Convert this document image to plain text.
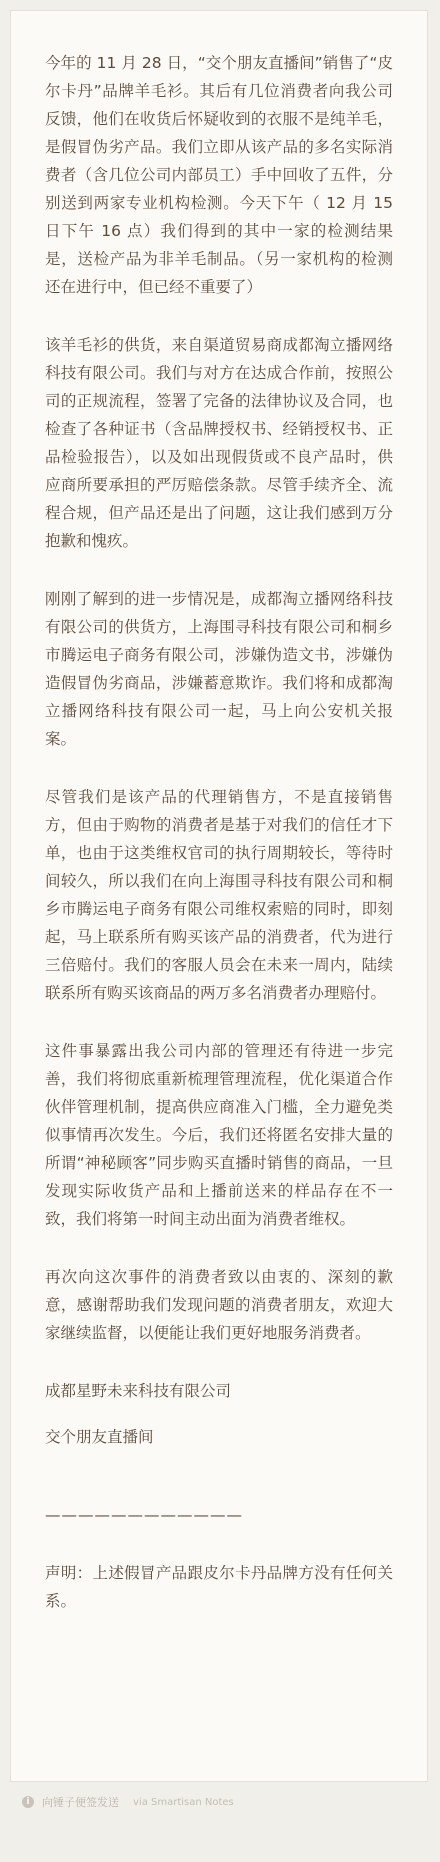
今年的 11 月 28 日，“交个朋友直播间”销售了“皮尔卡丹”品牌羊毛衫。其后有几位消费者向我公司反馈，他们在收货后怀疑收到的衣服不是纯羊毛，是假冒伪劣产品。我们立即从该产品的多名实际消费者（含几位公司内部员工）手中回收了五件，分别送到两家专业机构检测。今天下午（ 12 月 15 日下午 16 点）我们得到的其中一家的检测结果是，送检产品为非羊毛制品。（另一家机构的检测还在进行中，但已经不重要了）

该羊毛衫的供货，来自渠道贸易商成都淘立播网络科技有限公司。我们与对方在达成合作前，按照公司的正规流程，签署了完备的法律协议及合同，也检查了各种证书（含品牌授权书、经销授权书、正品检验报告），以及如出现假货或不良产品时，供应商所要承担的严厉赔偿条款。尽管手续齐全、流程合规，但产品还是出了问题，这让我们感到万分抱歉和愧疚。

刚刚了解到的进一步情况是，成都淘立播网络科技有限公司的供货方，上海围寻科技有限公司和桐乡市腾运电子商务有限公司，涉嫌伪造文书，涉嫌伪造假冒伪劣商品，涉嫌蓄意欺诈。我们将和成都淘立播网络科技有限公司一起，马上向公安机关报案。

尽管我们是该产品的代理销售方，不是直接销售方，但由于购物的消费者是基于对我们的信任才下单，也由于这类维权官司的执行周期较长，等待时间较久，所以我们在向上海围寻科技有限公司和桐乡市腾运电子商务有限公司维权索赔的同时，即刻起，马上联系所有购买该产品的消费者，代为进行三倍赔付。我们的客服人员会在未来一周内，陆续联系所有购买该商品的两万多名消费者办理赔付。

这件事暴露出我公司内部的管理还有待进一步完善，我们将彻底重新梳理管理流程，优化渠道合作伙伴管理机制，提高供应商准入门槛，全力避免类似事情再次发生。今后，我们还将匿名安排大量的所谓“神秘顾客”同步购买直播时销售的商品，一旦发现实际收货产品和上播前送来的样品存在不一致，我们将第一时间主动出面为消费者维权。

再次向这次事件的消费者致以由衷的、深刻的歉意，感谢帮助我们发现问题的消费者朋友，欢迎大家继续监督，以便能让我们更好地服务消费者。

成都星野未来科技有限公司

交个朋友直播间

————————————

声明：上述假冒产品跟皮尔卡丹品牌方没有任何关系。

i	向锤子便签发送 via Smartisan Notes
